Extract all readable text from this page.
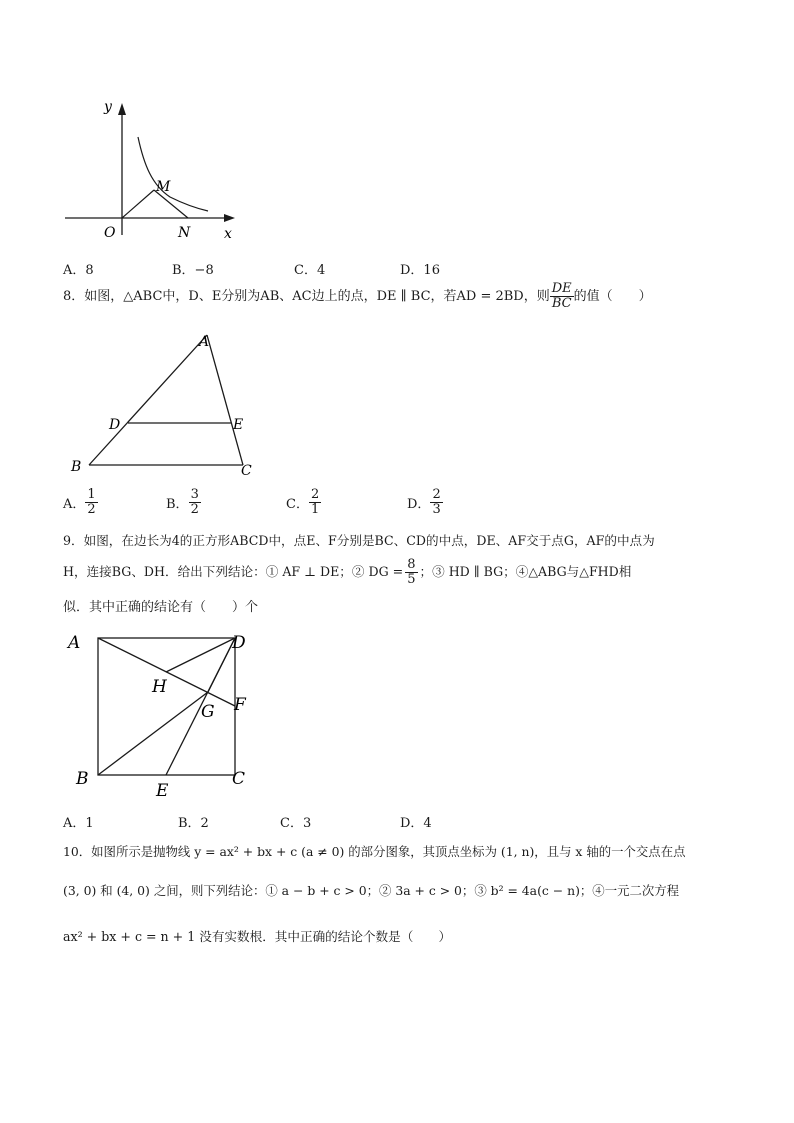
y
x
O
M
N
A．8	B．−8	C．4	D．16
8．如图，△ABC中，D、E分别为AB、AC边上的点，DE ∥ BC，若AD = 2BD，则 $\frac{DE}{BC}$ 的值（　　）
A
B	C
D	E
A． $\frac{1}{2}$	B． $\frac{3}{2}$	C． $\frac{2}{1}$	D． $\frac{2}{3}$
9．如图，在边长为4的正方形ABCD中，点E、F分别是BC、CD的中点，DE、AF交于点G，AF的中点为
H，连接BG、DH．给出下列结论：① AF ⊥ DE；② DG = $\frac{8}{5}$ ；③ HD ∥ BG；④△ABG与△FHD相
似．其中正确的结论有（　　）个
A
B	C
D
E
F
G
H
A．1	B．2	C．3	D．4
10．如图所示是抛物线 y = ax² + bx + c (a ≠ 0) 的部分图象，其顶点坐标为 (1, n)，且与 x 轴的一个交点在点
(3, 0) 和 (4, 0) 之间，则下列结论：① a − b + c > 0；② 3a + c > 0；③ b² = 4a(c − n)；④一元二次方程
ax² + bx + c = n + 1 没有实数根．其中正确的结论个数是（　　）
